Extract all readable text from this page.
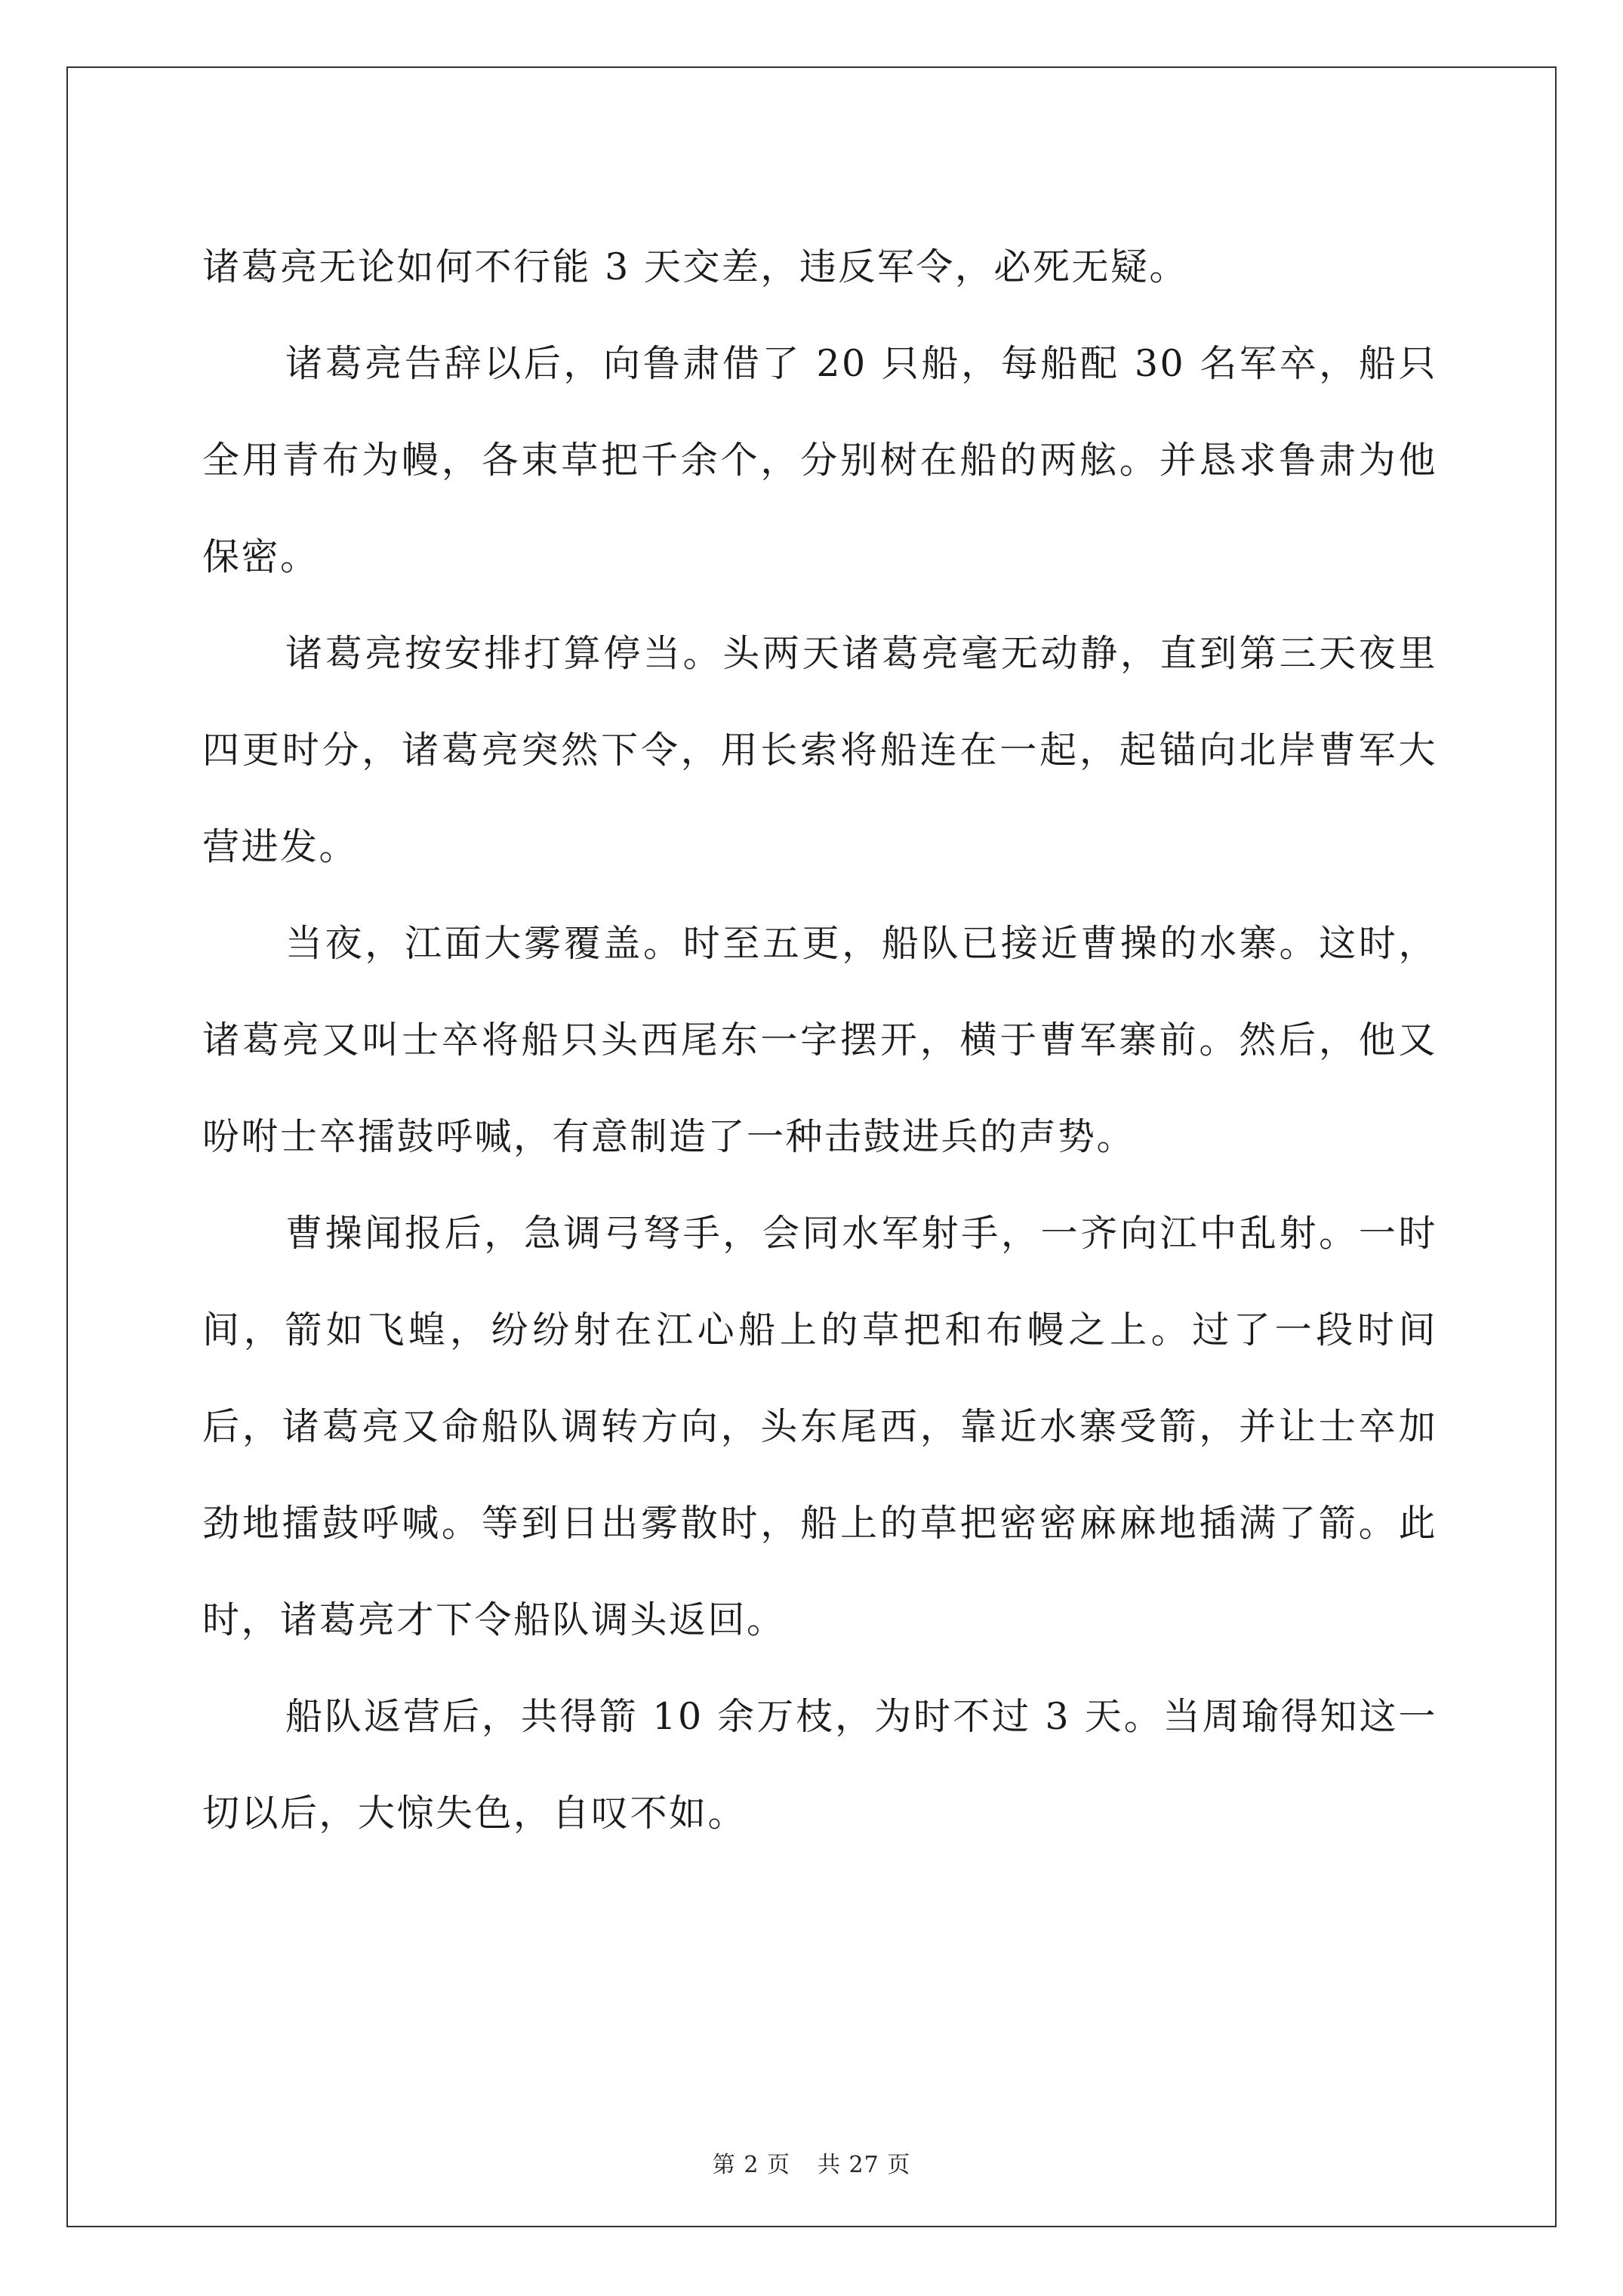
诸葛亮无论如何不行能 3 天交差，违反军令，必死无疑。

诸葛亮告辞以后，向鲁肃借了 20 只船，每船配 30 名军卒，船只全用青布为幔，各束草把千余个，分别树在船的两舷。并恳求鲁肃为他保密。

诸葛亮按安排打算停当。头两天诸葛亮毫无动静，直到第三天夜里四更时分，诸葛亮突然下令，用长索将船连在一起，起锚向北岸曹军大营进发。

当夜，江面大雾覆盖。时至五更，船队已接近曹操的水寨。这时，诸葛亮又叫士卒将船只头西尾东一字摆开，横于曹军寨前。然后，他又吩咐士卒擂鼓呼喊，有意制造了一种击鼓进兵的声势。

曹操闻报后，急调弓弩手，会同水军射手，一齐向江中乱射。一时间，箭如飞蝗，纷纷射在江心船上的草把和布幔之上。过了一段时间后，诸葛亮又命船队调转方向，头东尾西，靠近水寨受箭，并让士卒加劲地擂鼓呼喊。等到日出雾散时，船上的草把密密麻麻地插满了箭。此时，诸葛亮才下令船队调头返回。

船队返营后，共得箭 10 余万枝，为时不过 3 天。当周瑜得知这一切以后，大惊失色，自叹不如。

第 2 页 共 27 页
